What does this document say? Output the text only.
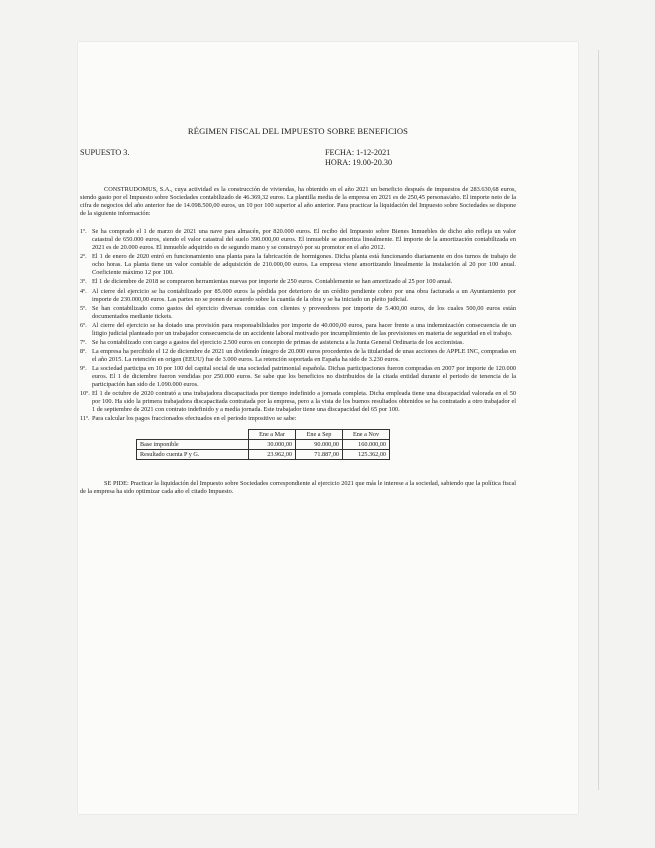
RÉGIMEN FISCAL DEL IMPUESTO SOBRE BENEFICIOS
SUPUESTO 3.	FECHA: 1-12-2021
HORA: 19.00-20.30

CONSTRUDOMUS, S.A., cuya actividad es la construcción de viviendas, ha obtenido en el año 2021 un beneficio después de impuestos de 283.630,68 euros, siendo gasto por el Impuesto sobre Sociedades contabilizado de 46.369,32 euros. La plantilla media de la empresa en 2021 es de 250,45 personas/año. El importe neto de la cifra de negocios del año anterior fue de 14.098.500,00 euros, un 10 por 100 superior al año anterior. Para practicar la liquidación del Impuesto sobre Sociedades se dispone de la siguiente información:

1º. Se ha comprado el 1 de marzo de 2021 una nave para almacén, por 820.000 euros. El recibo del Impuesto sobre Bienes Inmuebles de dicho año refleja un valor catastral de 650.000 euros, siendo el valor catastral del suelo 390.000,00 euros. El inmueble se amortiza linealmente. El importe de la amortización contabilizada en 2021 es de 20.000 euros. El inmueble adquirido es de segundo mano y se construyó por su promotor en el año 2012.
2º. El 1 de enero de 2020 entró en funcionamiento una planta para la fabricación de hormigones. Dicha planta está funcionando diariamente en dos turnos de trabajo de ocho horas. La planta tiene un valor contable de adquisición de 210.000,00 euros. La empresa viene amortizando linealmente la instalación al 20 por 100 anual. Coeficiente máximo 12 por 100.
3º. El 1 de diciembre de 2018 se compraron herramientas nuevas por importe de 250 euros. Contablemente se han amortizado al 25 por 100 anual.
4º. Al cierre del ejercicio se ha contabilizado por 85.000 euros la pérdida por deterioro de un crédito pendiente cobro por una obra facturada a un Ayuntamiento por importe de 230.000,00 euros. Las partes no se ponen de acuerdo sobre la cuantía de la obra y se ha iniciado un pleito judicial.
5º. Se han contabilizado como gastos del ejercicio diversas comidas con clientes y proveedores por importe de 5.400,00 euros, de los cuales 500,00 euros están documentados mediante tickets.
6º. Al cierre del ejercicio se ha dotado una provisión para responsabilidades por importe de 40.000,00 euros, para hacer frente a una indemnización consecuencia de un litigio judicial planteado por un trabajador consecuencia de un accidente laboral motivado por incumplimiento de las previsiones en materia de seguridad en el trabajo.
7º. Se ha contabilizado con cargo a gastos del ejercicio 2.500 euros en concepto de primas de asistencia a la Junta General Ordinaria de los accionistas.
8º. La empresa ha percibido el 12 de diciembre de 2021 un dividendo íntegro de 20.000 euros procedentes de la titularidad de unas acciones de APPLE INC, compradas en el año 2015. La retención en origen (EEUU) fue de 3.000 euros. La retención soportada en España ha sido de 3.230 euros.
9º. La sociedad participa en 10 por 100 del capital social de una sociedad patrimonial española. Dichas participaciones fueron compradas en 2007 por importe de 120.000 euros. El 1 de diciembre fueron vendidas por 250.000 euros. Se sabe que los beneficios no distribuidos de la citada entidad durante el periodo de tenencia de la participación han sido de 1.090.000 euros.
10º. El 1 de octubre de 2020 contrató a una trabajadora discapacitada por tiempo indefinido a jornada completa. Dicha empleada tiene una discapacidad valorada en el 50 por 100. Ha sido la primera trabajadora discapacitada contratada por la empresa, pero a la vista de los buenos resultados obtenidos se ha contratado a otro trabajador el 1 de septiembre de 2021 con contrato indefinido y a media jornada. Este trabajador tiene una discapacidad del 65 por 100.
11º. Para calcular los pagos fraccionados efectuados en el periodo impositivo se sabe:
	Ene a Mar	Ene a Sep	Ene a Nov
Base imponible	30.000,00	90.000,00	160.000,00
Resultado cuenta P y G.	23.962,00	71.887,00	125.362,00

SE PIDE: Practicar la liquidación del Impuesto sobre Sociedades correspondiente al ejercicio 2021 que más le interese a la sociedad, sabiendo que la política fiscal de la empresa ha sido optimizar cada año el citado Impuesto.
